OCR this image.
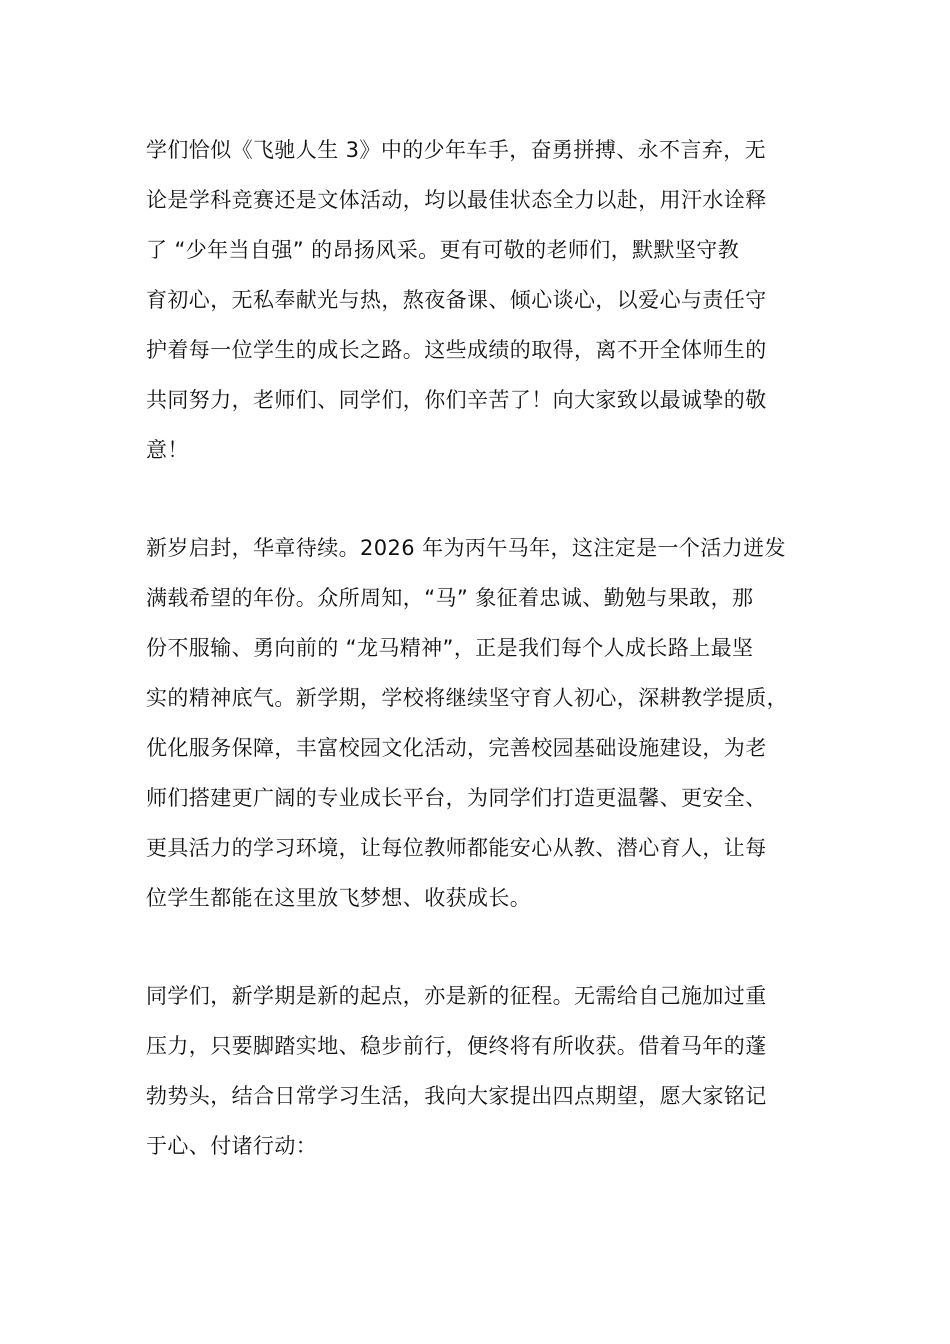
学们恰似《飞驰人生 3》中的少年车手，奋勇拼搏、永不言弃，无
论是学科竞赛还是文体活动，均以最佳状态全力以赴，用汗水诠释
了 “少年当自强” 的昂扬风采。更有可敬的老师们，默默坚守教
育初心，无私奉献光与热，熬夜备课、倾心谈心，以爱心与责任守
护着每一位学生的成长之路。这些成绩的取得，离不开全体师生的
共同努力，老师们、同学们，你们辛苦了！向大家致以最诚挚的敬
意！
新岁启封，华章待续。2026 年为丙午马年，这注定是一个活力迸发
满载希望的年份。众所周知，“马” 象征着忠诚、勤勉与果敢，那
份不服输、勇向前的 “龙马精神”，正是我们每个人成长路上最坚
实的精神底气。新学期，学校将继续坚守育人初心，深耕教学提质，
优化服务保障，丰富校园文化活动，完善校园基础设施建设，为老
师们搭建更广阔的专业成长平台，为同学们打造更温馨、更安全、
更具活力的学习环境，让每位教师都能安心从教、潜心育人，让每
位学生都能在这里放飞梦想、收获成长。
同学们，新学期是新的起点，亦是新的征程。无需给自己施加过重
压力，只要脚踏实地、稳步前行，便终将有所收获。借着马年的蓬
勃势头，结合日常学习生活，我向大家提出四点期望，愿大家铭记
于心、付诸行动：
